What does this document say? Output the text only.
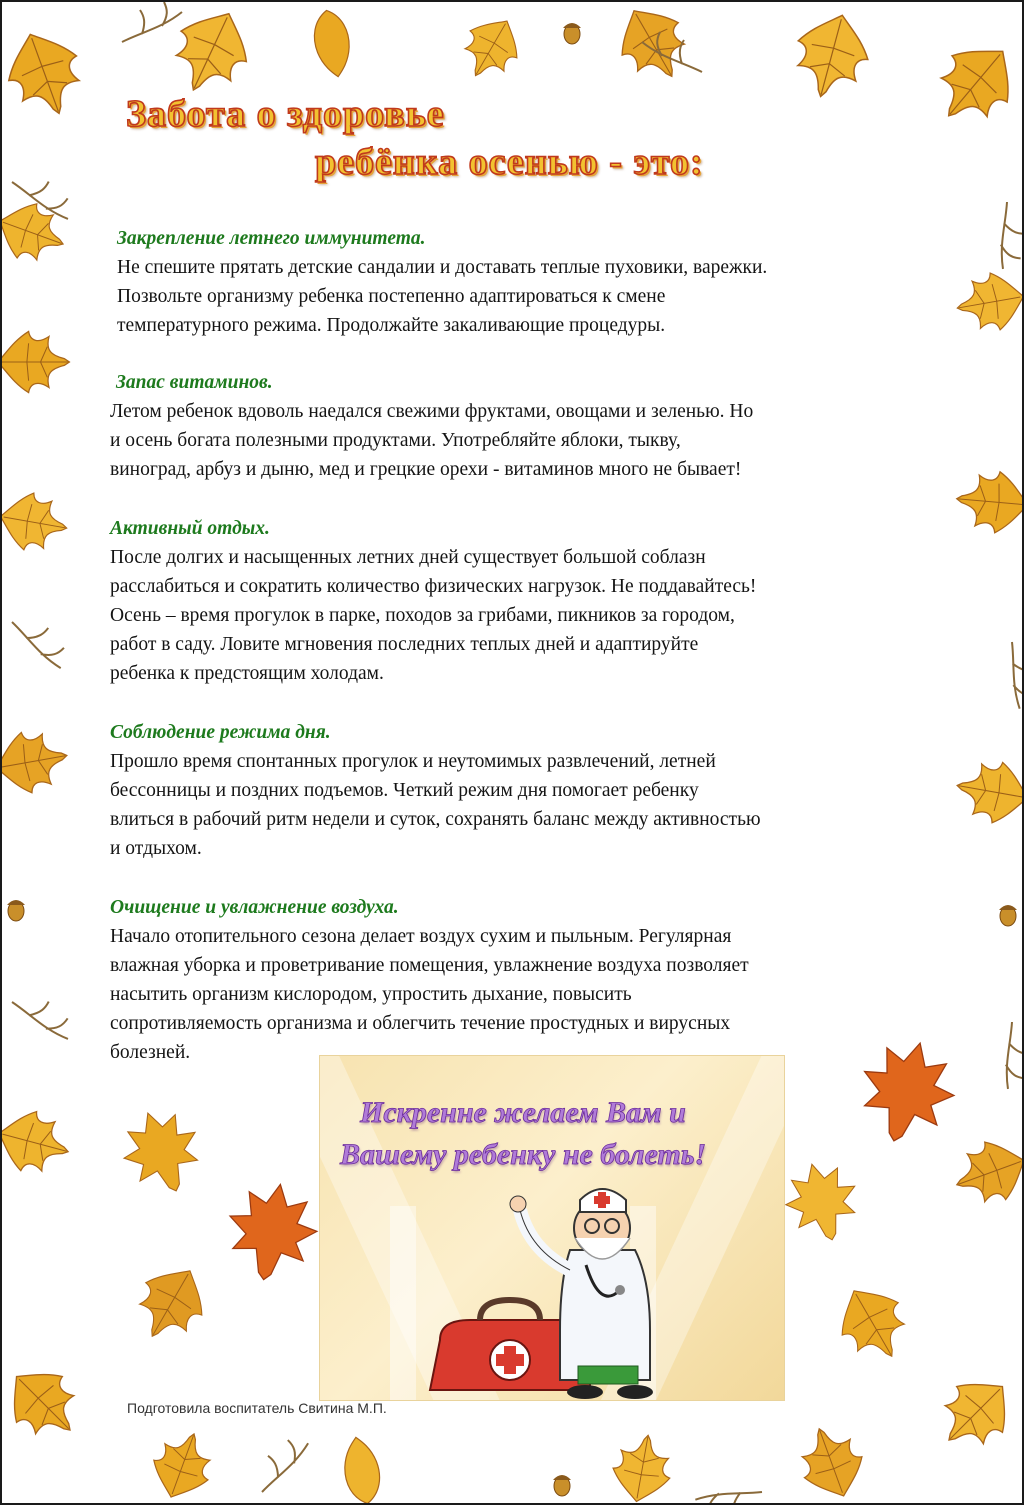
Забота о здоровье
ребёнка осенью - это:

Закрепление летнего иммунитета.

Не спешите прятать детские сандалии и доставать теплые пуховики, варежки.
Позвольте организму ребенка постепенно адаптироваться к смене
температурного режима. Продолжайте закаливающие процедуры.

Запас витаминов.

Летом ребенок вдоволь наедался свежими фруктами, овощами и зеленью. Но
и осень богата полезными продуктами. Употребляйте яблоки, тыкву,
виноград, арбуз и дыню, мед и грецкие орехи - витаминов много не бывает!

Активный отдых.

После долгих и насыщенных летних дней существует большой соблазн
расслабиться и сократить количество физических нагрузок. Не поддавайтесь!
Осень – время прогулок в парке, походов за грибами, пикников за городом,
работ в саду. Ловите мгновения последних теплых дней и адаптируйте
ребенка к предстоящим холодам.

Соблюдение режима дня.

Прошло время спонтанных прогулок и неутомимых развлечений, летней
бессонницы и поздних подъемов. Четкий режим дня помогает ребенку
влиться в рабочий ритм недели и суток, сохранять баланс между активностью
и отдыхом.

Очищение и увлажнение воздуха.

Начало отопительного сезона делает воздух сухим и пыльным. Регулярная
влажная уборка и проветривание помещения, увлажнение воздуха позволяет
насытить организм кислородом, упростить дыхание, повысить
сопротивляемость организма и облегчить течение простудных и вирусных
болезней.

Искренне желаем Вам и
Вашему ребенку не болеть!
Подготовила воспитатель Свитина М.П.
